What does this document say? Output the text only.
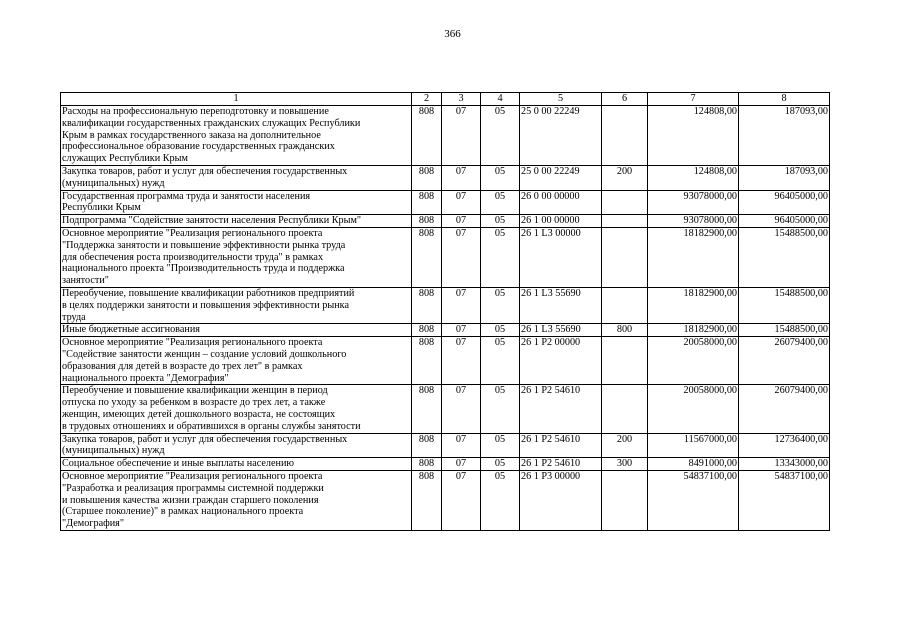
366
1	2	3	4	5	6	7	8

Расходы на профессиональную переподготовку и повышение
квалификации государственных гражданских служащих Республики
Крым в рамках государственного заказа на дополнительное
профессиональное образование государственных гражданских
служащих Республики Крым	808	07	05	25 0 00 22249		124808,00	187093,00

Закупка товаров, работ и услуг для обеспечения государственных
(муниципальных) нужд	808	07	05	25 0 00 22249	200	124808,00	187093,00

Государственная программа труда и занятости населения
Республики Крым	808	07	05	26 0 00 00000		93078000,00	96405000,00

Подпрограмма "Содействие занятости населения Республики Крым"	808	07	05	26 1 00 00000		93078000,00	96405000,00

Основное мероприятие "Реализация регионального проекта
"Поддержка занятости и повышение эффективности рынка труда
для обеспечения роста производительности труда" в рамках
национального проекта "Производительность труда и поддержка
занятости"	808	07	05	26 1 L3 00000		18182900,00	15488500,00

Переобучение, повышение квалификации работников предприятий
в целях поддержки занятости и повышения эффективности рынка
труда	808	07	05	26 1 L3 55690		18182900,00	15488500,00

Иные бюджетные ассигнования	808	07	05	26 1 L3 55690	800	18182900,00	15488500,00

Основное мероприятие "Реализация регионального проекта
"Содействие занятости женщин – создание условий дошкольного
образования для детей в возрасте до трех лет" в рамках
национального проекта "Демография"	808	07	05	26 1 P2 00000		20058000,00	26079400,00

Переобучение и повышение квалификации женщин в период
отпуска по уходу за ребенком в возрасте до трех лет, а также
женщин, имеющих детей дошкольного возраста, не состоящих
в трудовых отношениях и обратившихся в органы службы занятости	808	07	05	26 1 P2 54610		20058000,00	26079400,00

Закупка товаров, работ и услуг для обеспечения государственных
(муниципальных) нужд	808	07	05	26 1 P2 54610	200	11567000,00	12736400,00

Социальное обеспечение и иные выплаты населению	808	07	05	26 1 P2 54610	300	8491000,00	13343000,00

Основное мероприятие "Реализация регионального проекта
"Разработка и реализация программы системной поддержки
и повышения качества жизни граждан старшего поколения
(Старшее поколение)" в рамках национального проекта
"Демография"	808	07	05	26 1 P3 00000		54837100,00	54837100,00
